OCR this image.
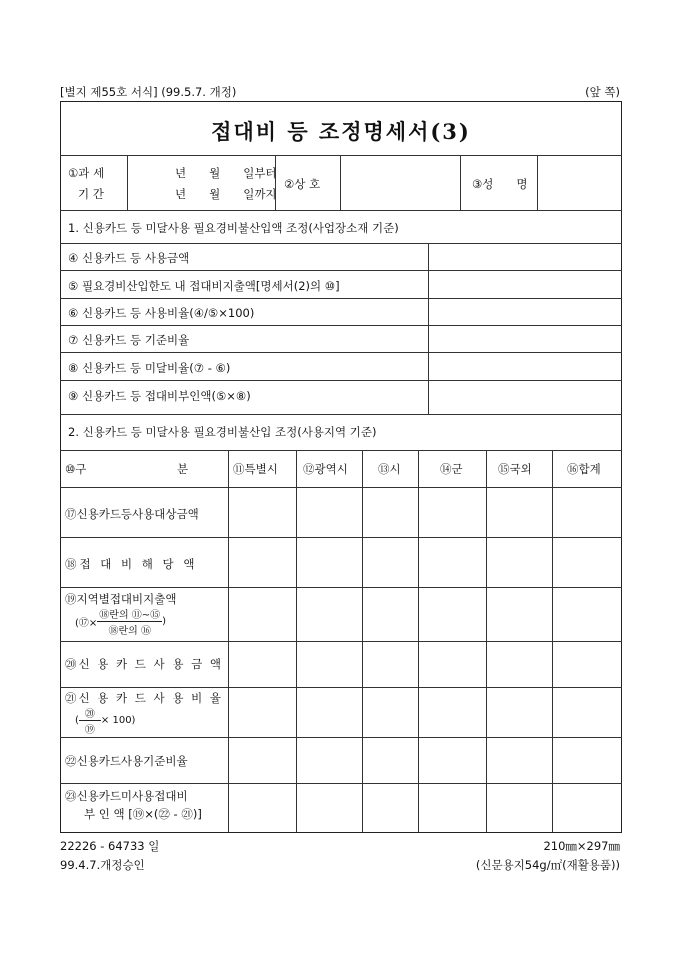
[별지 제55호 서식] (99.5.7. 개정)	(앞 쪽)
접대비 등 조정명세서(3)
①과 세
기 간
년　　월　　일부터
년　　월　　일까지
②상 호	③성　　명
1. 신용카드 등 미달사용 필요경비불산입액 조정(사업장소재 기준)
④ 신용카드 등 사용금액
⑤ 필요경비산입한도 내 접대비지출액[명세서(2)의 ⑩]
⑥ 신용카드 등 사용비율(④/⑤×100)
⑦ 신용카드 등 기준비율
⑧ 신용카드 등 미달비율(⑦ - ⑥)
⑨ 신용카드 등 접대비부인액(⑤×⑧)
2. 신용카드 등 미달사용 필요경비불산입 조정(사용지역 기준)
⑩구	분	⑪특별시 ⑫광역시	⑬시	⑭군	⑮국외	⑯합계
⑰신용카드등사용대상금액
⑱접 대 비 해 당 액
⑲지역별접대비지출액
(⑰× $\frac{\text{⑱란의 ⑪\textasciitilde{}⑮}}{\text{⑱란의 ⑯}}$ )
⑳신 용 카 드 사 용 금 액
㉑신 용 카 드 사 용 비 율
( $\frac{\text{⑳}}{\text{⑲}} \times 100$)
㉒신용카드사용기준비율
㉓신용카드미사용접대비
부 인 액 [⑲×(㉒ - ㉑)]
22226 - 64733 일
99.4.7.개정승인
210㎜×297㎜
(신문용지54g/㎡(재활용품))
